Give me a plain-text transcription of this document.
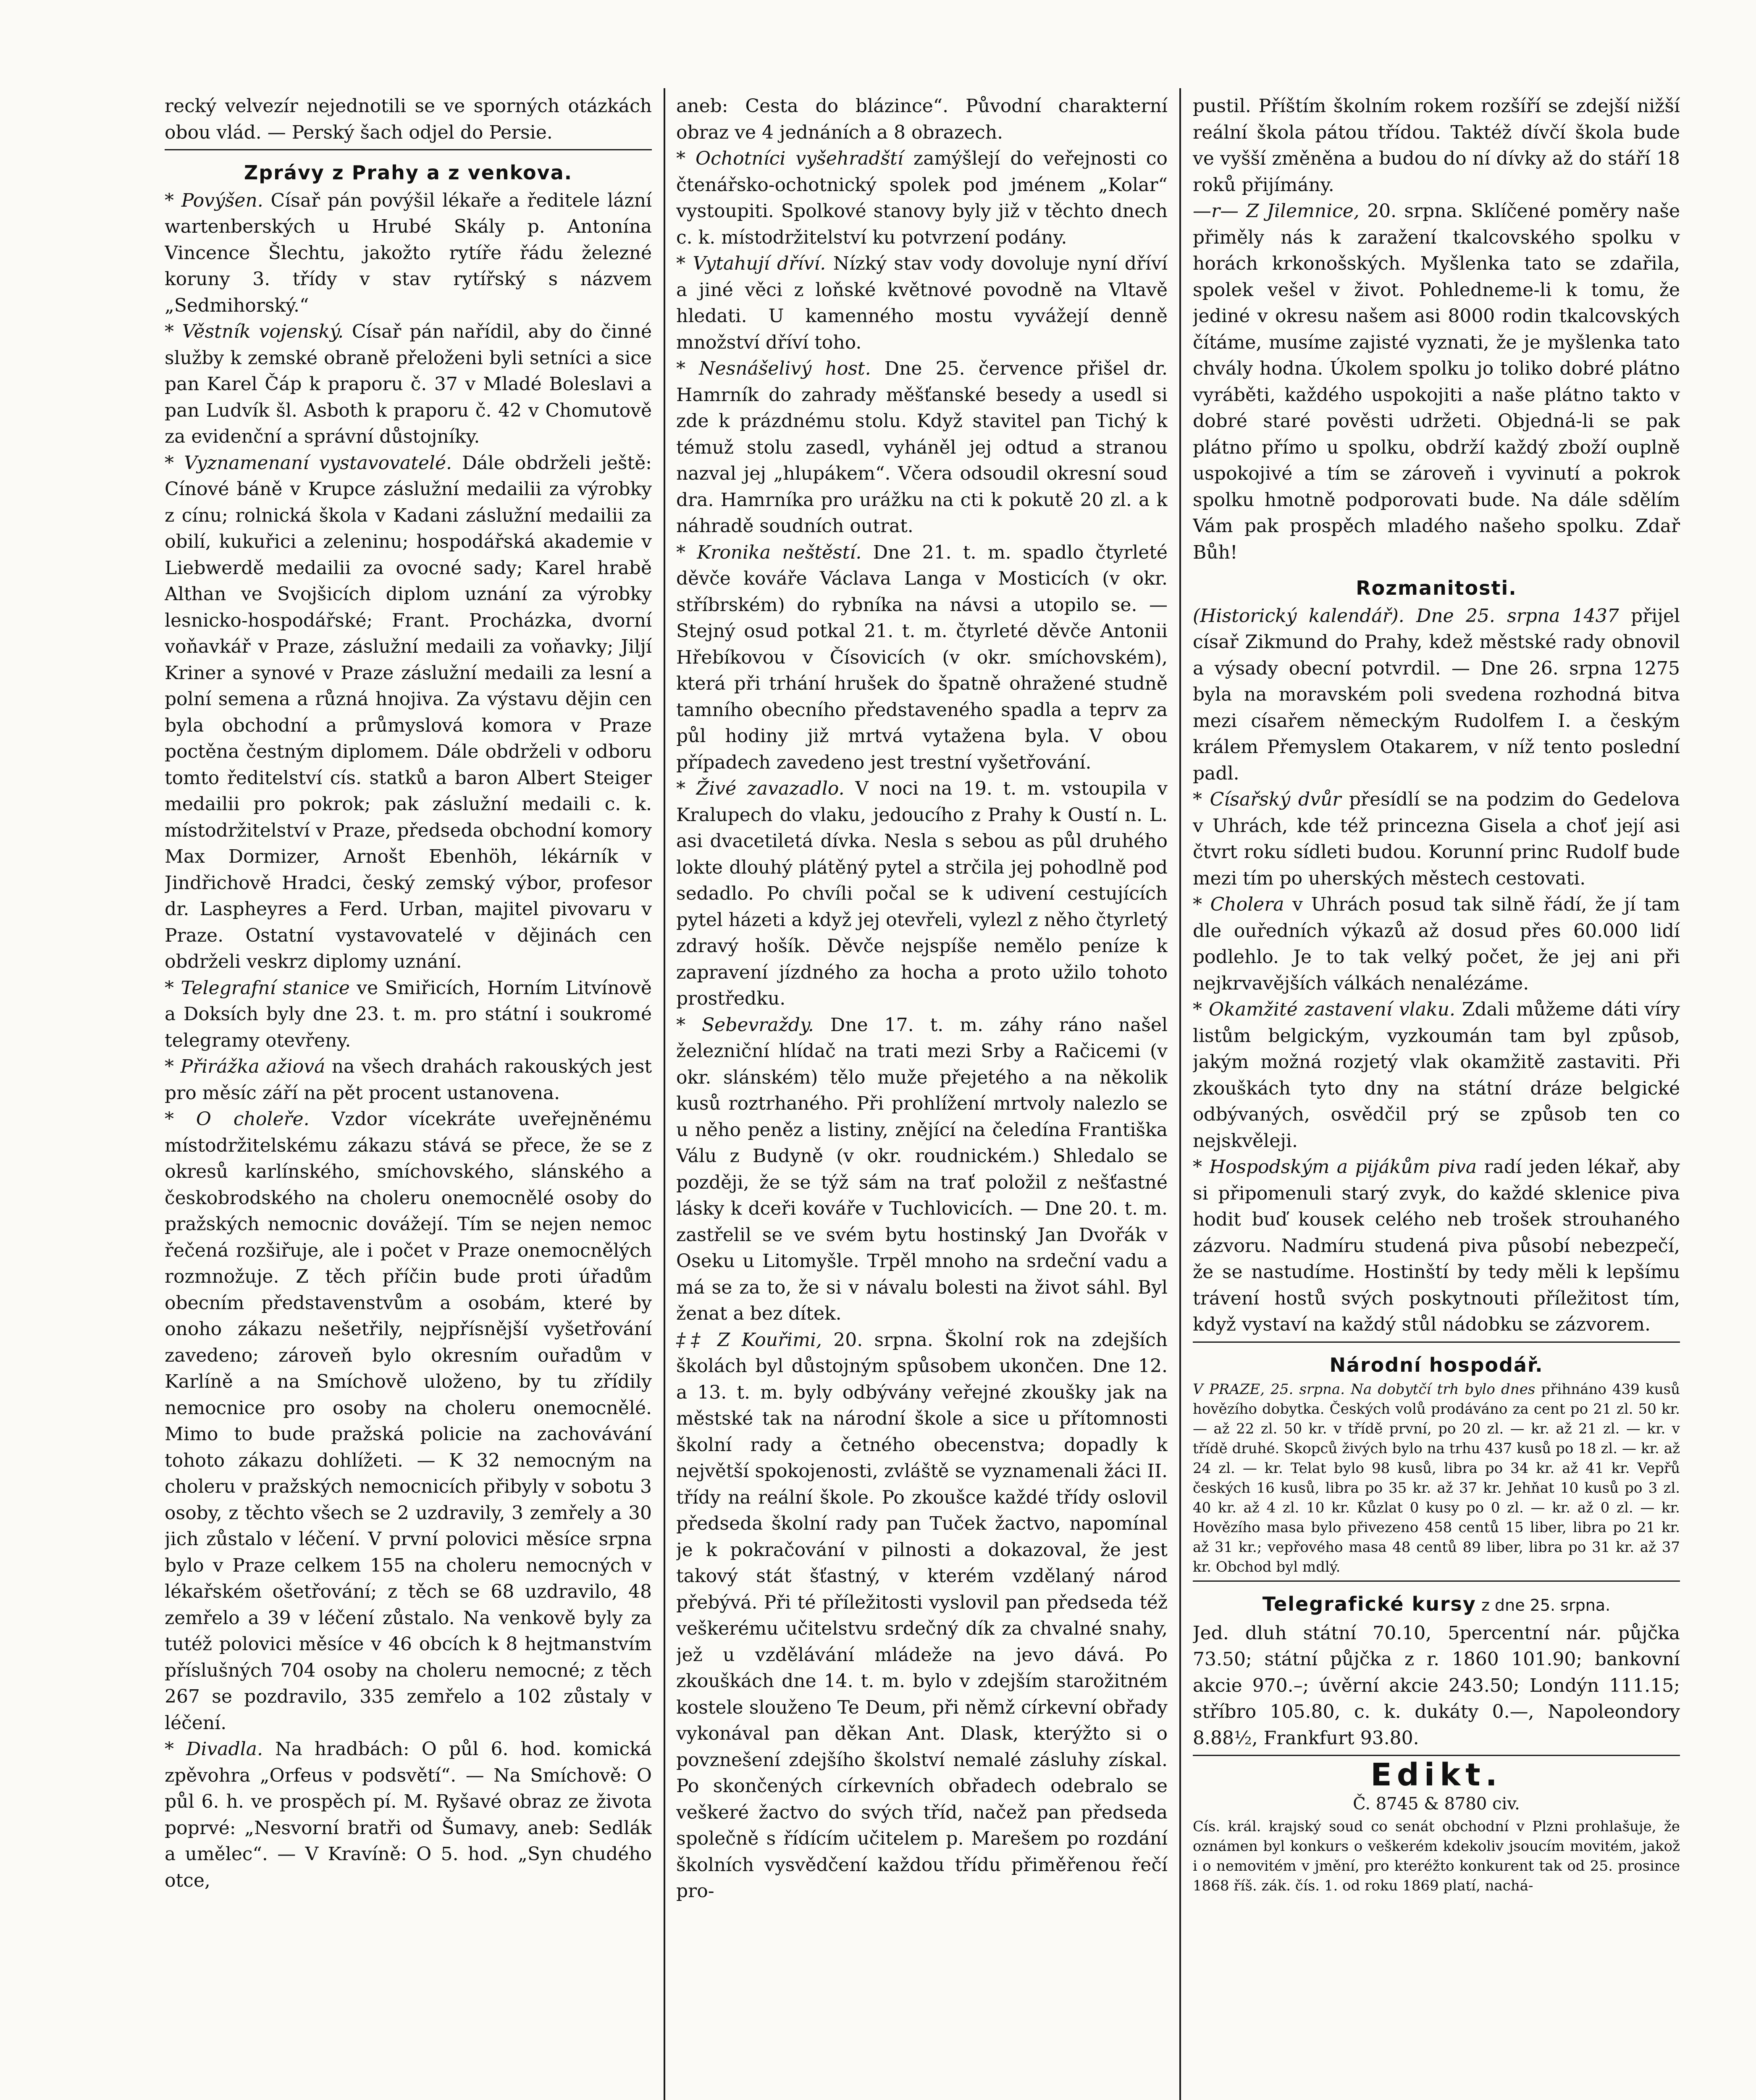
recký velvezír nejednotili se ve sporných otázkách obou vlád. — Perský šach odjel do Persie.

Zprávy z Prahy a z venkova.

* Povýšen. Císař pán povýšil lékaře a ředitele lázní wartenberských u Hrubé Skály p. Antonína Vincence Šlechtu, jakožto rytíře řádu železné koruny 3. třídy v stav rytířský s názvem „Sedmihorský.“

* Věstník vojenský. Císař pán nařídil, aby do činné služby k zemské obraně přeloženi byli setníci a sice pan Karel Čáp k praporu č. 37 v Mladé Boleslavi a pan Ludvík šl. Asboth k praporu č. 42 v Chomutově za evidenční a správní důstojníky.

* Vyznamenaní vystavovatelé. Dále obdrželi ještě: Cínové báně v Krupce záslužní medailii za výrobky z cínu; rolnická škola v Kadani záslužní medailii za obilí, kukuřici a zeleninu; hospodářská akademie v Liebwerdě medailii za ovocné sady; Karel hrabě Althan ve Svojšicích diplom uznání za výrobky lesnicko-hospodářské; Frant. Procházka, dvorní voňavkář v Praze, záslužní medaili za voňavky; Jiljí Kriner a synové v Praze záslužní medaili za lesní a polní semena a různá hnojiva. Za výstavu dějin cen byla obchodní a průmyslová komora v Praze poctěna čestným diplomem. Dále obdrželi v odboru tomto ředitelství cís. statků a baron Albert Steiger medailii pro pokrok; pak záslužní medaili c. k. místodržitelství v Praze, předseda obchodní komory Max Dormizer, Arnošt Ebenhöh, lékárník v Jindřichově Hradci, český zemský výbor, profesor dr. Laspheyres a Ferd. Urban, majitel pivovaru v Praze. Ostatní vystavovatelé v dějinách cen obdrželi veskrz diplomy uznání.

* Telegrafní stanice ve Smiřicích, Horním Litvínově a Doksích byly dne 23. t. m. pro státní i soukromé telegramy otevřeny.

* Přirážka ažiová na všech drahách rakouských jest pro měsíc září na pět procent ustanovena.

* O choleře. Vzdor vícekráte uveřejněnému místodržitelskému zákazu stává se přece, že se z okresů karlínského, smíchovského, slánského a českobrodského na choleru onemocnělé osoby do pražských nemocnic dovážejí. Tím se nejen nemoc řečená rozšiřuje, ale i počet v Praze onemocnělých rozmnožuje. Z těch příčin bude proti úřadům obecním představenstvům a osobám, které by onoho zákazu nešetřily, nejpřísnější vyšetřování zavedeno; zároveň bylo okresním ouřadům v Karlíně a na Smíchově uloženo, by tu zřídily nemocnice pro osoby na choleru onemocnělé. Mimo to bude pražská policie na zachovávání tohoto zákazu dohlížeti. — K 32 nemocným na choleru v pražských nemocnicích přibyly v sobotu 3 osoby, z těchto všech se 2 uzdravily, 3 zemřely a 30 jich zůstalo v léčení. V první polovici měsíce srpna bylo v Praze celkem 155 na choleru nemocných v lékařském ošetřování; z těch se 68 uzdravilo, 48 zemřelo a 39 v léčení zůstalo. Na venkově byly za tutéž polovici měsíce v 46 obcích k 8 hejtmanstvím příslušných 704 osoby na choleru nemocné; z těch 267 se pozdravilo, 335 zemřelo a 102 zůstaly v léčení.

* Divadla. Na hradbách: O půl 6. hod. komická zpěvohra „Orfeus v podsvětí“. — Na Smíchově: O půl 6. h. ve prospěch pí. M. Ryšavé obraz ze života poprvé: „Nesvorní bratři od Šumavy, aneb: Sedlák a umělec“. — V Kravíně: O 5. hod. „Syn chudého otce,

aneb: Cesta do blázince“. Původní charakterní obraz ve 4 jednáních a 8 obrazech.

* Ochotníci vyšehradští zamýšlejí do veřejnosti co čtenářsko-ochotnický spolek pod jménem „Kolar“ vystoupiti. Spolkové stanovy byly již v těchto dnech c. k. místodržitelství ku potvrzení podány.

* Vytahují dříví. Nízký stav vody dovoluje nyní dříví a jiné věci z loňské květnové povodně na Vltavě hledati. U kamenného mostu vyvážejí denně množství dříví toho.

* Nesnášelivý host. Dne 25. července přišel dr. Hamrník do zahrady měšťanské besedy a usedl si zde k prázdnému stolu. Když stavitel pan Tichý k témuž stolu zasedl, vyháněl jej odtud a stranou nazval jej „hlupákem“. Včera odsoudil okresní soud dra. Hamrníka pro urážku na cti k pokutě 20 zl. a k náhradě soudních outrat.

* Kronika neštěstí. Dne 21. t. m. spadlo čtyrleté děvče kováře Václava Langa v Mosticích (v okr. stříbrském) do rybníka na návsi a utopilo se. — Stejný osud potkal 21. t. m. čtyrleté děvče Antonii Hřebíkovou v Čísovicích (v okr. smíchovském), která při trhání hrušek do špatně ohražené studně tamního obecního představeného spadla a teprv za půl hodiny již mrtvá vytažena byla. V obou případech zavedeno jest trestní vyšetřování.

* Živé zavazadlo. V noci na 19. t. m. vstoupila v Kralupech do vlaku, jedoucího z Prahy k Oustí n. L. asi dvacetiletá dívka. Nesla s sebou as půl druhého lokte dlouhý plátěný pytel a strčila jej pohodlně pod sedadlo. Po chvíli počal se k udivení cestujících pytel házeti a když jej otevřeli, vylezl z něho čtyrletý zdravý hošík. Děvče nejspíše nemělo peníze k zapravení jízdného za hocha a proto užilo tohoto prostředku.

* Sebevraždy. Dne 17. t. m. záhy ráno našel železniční hlídač na trati mezi Srby a Račicemi (v okr. slánském) tělo muže přejetého a na několik kusů roztrhaného. Při prohlížení mrtvoly nalezlo se u něho peněz a listiny, znějící na čeledína Františka Válu z Budyně (v okr. roudnickém.) Shledalo se později, že se týž sám na trať položil z nešťastné lásky k dceři kováře v Tuchlovicích. — Dne 20. t. m. zastřelil se ve svém bytu hostinský Jan Dvořák v Oseku u Litomyšle. Trpěl mnoho na srdeční vadu a má se za to, že si v návalu bolesti na život sáhl. Byl ženat a bez dítek.

‡‡ Z Kouřimi, 20. srpna. Školní rok na zdejších školách byl důstojným spůsobem ukončen. Dne 12. a 13. t. m. byly odbývány veřejné zkoušky jak na městské tak na národní škole a sice u přítomnosti školní rady a četného obecenstva; dopadly k největší spokojenosti, zvláště se vyznamenali žáci II. třídy na reální škole. Po zkoušce každé třídy oslovil předseda školní rady pan Tuček žactvo, napomínal je k pokračování v pilnosti a dokazoval, že jest takový stát šťastný, v kterém vzdělaný národ přebývá. Při té příležitosti vyslovil pan předseda též veškerému učitelstvu srdečný dík za chvalné snahy, jež u vzdělávání mládeže na jevo dává. Po zkouškách dne 14. t. m. bylo v zdejším starožitném kostele slouženo Te Deum, při němž církevní obřady vykonával pan děkan Ant. Dlask, kterýžto si o povznešení zdejšího školství nemalé zásluhy získal. Po skončených církevních obřadech odebralo se veškeré žactvo do svých tříd, načež pan předseda společně s řídícím učitelem p. Marešem po rozdání školních vysvědčení každou třídu přiměřenou řečí pro-

pustil. Příštím školním rokem rozšíří se zdejší nižší reální škola pátou třídou. Taktéž dívčí škola bude ve vyšší změněna a budou do ní dívky až do stáří 18 roků přijímány.

—r— Z Jilemnice, 20. srpna. Sklíčené poměry naše přiměly nás k zaražení tkalcovského spolku v horách krkonošských. Myšlenka tato se zdařila, spolek vešel v život. Pohledneme-li k tomu, že jediné v okresu našem asi 8000 rodin tkalcovských čítáme, musíme zajisté vyznati, že je myšlenka tato chvály hodna. Úkolem spolku jo toliko dobré plátno vyráběti, každého uspokojiti a naše plátno takto v dobré staré pověsti udržeti. Objedná-li se pak plátno přímo u spolku, obdrží každý zboží ouplně uspokojivé a tím se zároveň i vyvinutí a pokrok spolku hmotně podporovati bude. Na dále sdělím Vám pak prospěch mladého našeho spolku. Zdař Bůh!

Rozmanitosti.

(Historický kalendář). Dne 25. srpna 1437 přijel císař Zikmund do Prahy, kdež městské rady obnovil a výsady obecní potvrdil. — Dne 26. srpna 1275 byla na moravském poli svedena rozhodná bitva mezi císařem německým Rudolfem I. a českým králem Přemyslem Otakarem, v níž tento poslední padl.

* Císařský dvůr přesídlí se na podzim do Gedelova v Uhrách, kde též princezna Gisela a choť její asi čtvrt roku sídleti budou. Korunní princ Rudolf bude mezi tím po uherských městech cestovati.

* Cholera v Uhrách posud tak silně řádí, že jí tam dle ouředních výkazů až dosud přes 60.000 lidí podlehlo. Je to tak velký počet, že jej ani při nejkrvavějších válkách nenalézáme.

* Okamžité zastavení vlaku. Zdali můžeme dáti víry listům belgickým, vyzkoumán tam byl způsob, jakým možná rozjetý vlak okamžitě zastaviti. Při zkouškách tyto dny na státní dráze belgické odbývaných, osvědčil prý se způsob ten co nejskvěleji.

* Hospodským a pijákům piva radí jeden lékař, aby si připomenuli starý zvyk, do každé sklenice piva hodit buď kousek celého neb trošek strouhaného zázvoru. Nadmíru studená piva působí nebezpečí, že se nastudíme. Hostinští by tedy měli k lepšímu trávení hostů svých poskytnouti příležitost tím, když vystaví na každý stůl nádobku se zázvorem.

Národní hospodář.

V PRAZE, 25. srpna. Na dobytčí trh bylo dnes přihnáno 439 kusů hovězího dobytka. Českých volů prodáváno za cent po 21 zl. 50 kr. — až 22 zl. 50 kr. v třídě první, po 20 zl. — kr. až 21 zl. — kr. v třídě druhé. Skopců živých bylo na trhu 437 kusů po 18 zl. — kr. až 24 zl. — kr. Telat bylo 98 kusů, libra po 34 kr. až 41 kr. Vepřů českých 16 kusů, libra po 35 kr. až 37 kr. Jehňat 10 kusů po 3 zl. 40 kr. až 4 zl. 10 kr. Kůzlat 0 kusy po 0 zl. — kr. až 0 zl. — kr. Hovězího masa bylo přivezeno 458 centů 15 liber, libra po 21 kr. až 31 kr.; vepřového masa 48 centů 89 liber, libra po 31 kr. až 37 kr. Obchod byl mdlý.

Telegrafické kursy z dne 25. srpna.

Jed. dluh státní 70.10, 5percentní nár. půjčka 73.50; státní půjčka z r. 1860 101.90; bankovní akcie 970.–; úvěrní akcie 243.50; Londýn 111.15; stříbro 105.80, c. k. dukáty 0.—, Napoleondory 8.88½, Frankfurt 93.80.

Edikt.
Č. 8745 & 8780 civ.

Cís. král. krajský soud co senát obchodní v Plzni prohlašuje, že oznámen byl konkurs o veškerém kdekoliv jsoucím movitém, jakož i o nemovitém v jmění, pro kteréžto konkurent tak od 25. prosince 1868 říš. zák. čís. 1. od roku 1869 platí, nachá-
